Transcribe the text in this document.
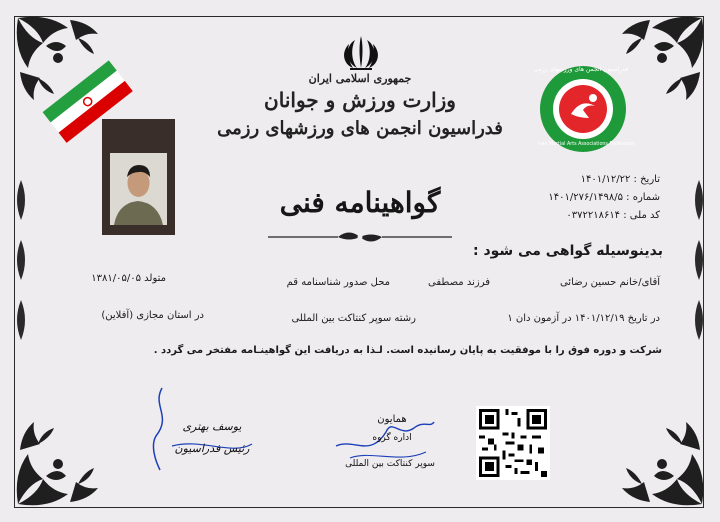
جمهوری اسلامی ایران
وزارت ورزش و جوانان
فدراسیون انجمن های ورزشهای رزمی
فدراسیون انجمن های ورزشهای رزمی
Iran Martial Arts Associations Federation
تاریخ : ۱۴۰۱/۱۲/۲۲
شماره : ۱۴۰۱/۲۷۶/۱۴۹۸/۵
کد ملی : ۰۳۷۲۲۱۸۶۱۴
گواهینامه فنی
بدینوسیله گواهی می شود :
آقای/خانم حسین رضائی
فرزند مصطفی
محل صدور شناسنامه قم
متولد ۱۳۸۱/۰۵/۰۵
در تاریخ ۱۴۰۱/۱۲/۱۹ در آزمون دان ۱
رشته سوپر کنتاکت بین المللی
در استان مجازی (آفلاین)
شرکت و دوره فوق را با موفقیت به پایان رسانیده است. لـذا به دریافت این گواهینـامه مفتخر می گردد .
یوسف بهتری
رئیس فدراسیون
همایون
اداره گروه
سوپر کنتاکت بین المللی
